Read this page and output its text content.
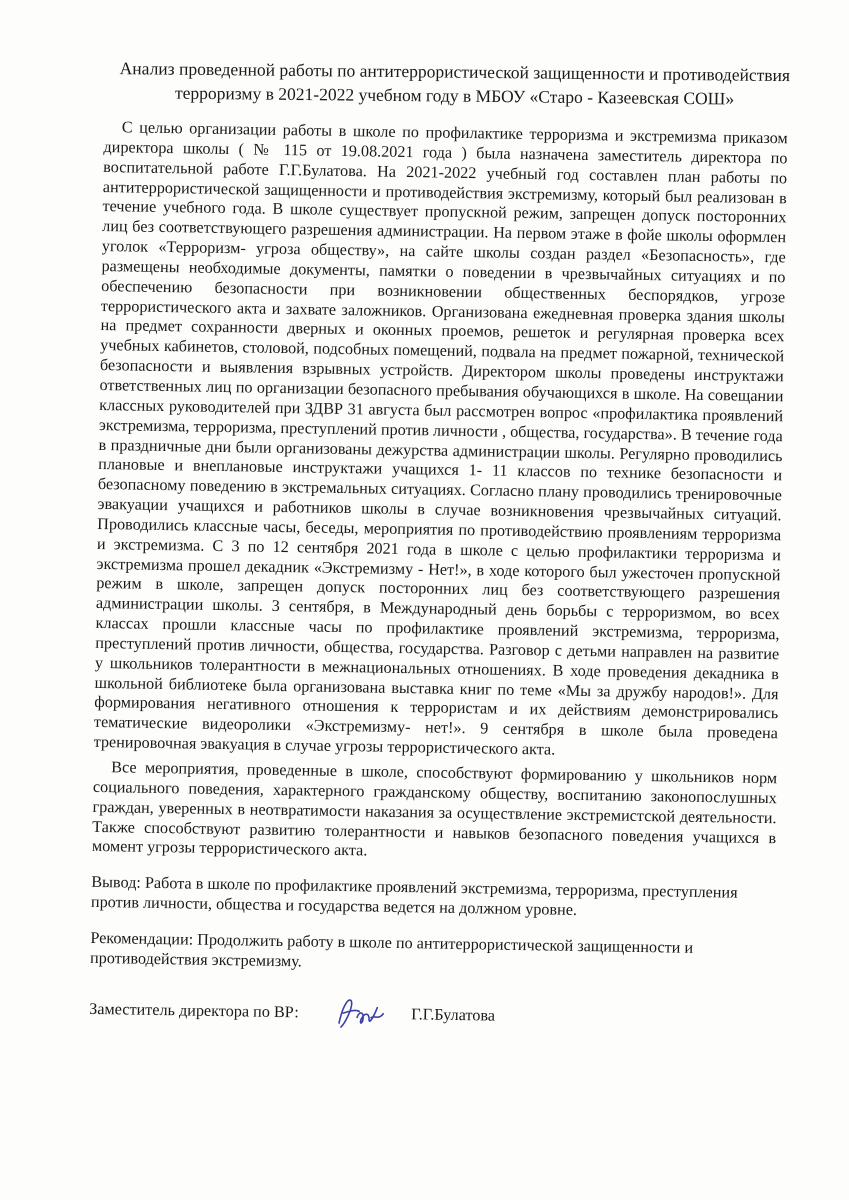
Анализ проведенной работы по антитеррористической защищенности и противодействия терроризму в 2021-2022 учебном году в МБОУ «Старо - Казеевская СОШ»

С целью организации работы в школе по профилактике терроризма и экстремизма приказом директора школы ( № 115 от 19.08.2021 года ) была назначена заместитель директора по воспитательной работе Г.Г.Булатова. На 2021-2022 учебный год составлен план работы по антитеррористической защищенности и противодействия экстремизму, который был реализован в течение учебного года. В школе существует пропускной режим, запрещен допуск посторонних лиц без соответствующего разрешения администрации. На первом этаже в фойе школы оформлен уголок «Терроризм- угроза обществу», на сайте школы создан раздел «Безопасность», где размещены необходимые документы, памятки о поведении в чрезвычайных ситуациях и по обеспечению безопасности при возникновении общественных беспорядков, угрозе террористического акта и захвате заложников. Организована ежедневная проверка здания школы на предмет сохранности дверных и оконных проемов, решеток и регулярная проверка всех учебных кабинетов, столовой, подсобных помещений, подвала на предмет пожарной, технической безопасности и выявления взрывных устройств. Директором школы проведены инструктажи ответственных лиц по организации безопасного пребывания обучающихся в школе. На совещании классных руководителей при ЗДВР 31 августа был рассмотрен вопрос «профилактика проявлений экстремизма, терроризма, преступлений против личности , общества, государства». В течение года в праздничные дни были организованы дежурства администрации школы. Регулярно проводились плановые и внеплановые инструктажи учащихся 1- 11 классов по технике безопасности и безопасному поведению в экстремальных ситуациях. Согласно плану проводились тренировочные эвакуации учащихся и работников школы в случае возникновения чрезвычайных ситуаций. Проводились классные часы, беседы, мероприятия по противодействию проявлениям терроризма и экстремизма. С 3 по 12 сентября 2021 года в школе с целью профилактики терроризма и экстремизма прошел декадник «Экстремизму - Нет!», в ходе которого был ужесточен пропускной режим в школе, запрещен допуск посторонних лиц без соответствующего разрешения администрации школы. 3 сентября, в Международный день борьбы с терроризмом, во всех классах прошли классные часы по профилактике проявлений экстремизма, терроризма, преступлений против личности, общества, государства. Разговор с детьми направлен на развитие у школьников толерантности в межнациональных отношениях. В ходе проведения декадника в школьной библиотеке была организована выставка книг по теме «Мы за дружбу народов!». Для формирования негативного отношения к террористам и их действиям демонстрировались тематические видеоролики «Экстремизму- нет!». 9 сентября в школе была проведена тренировочная эвакуация в случае угрозы террористического акта.

Все мероприятия, проведенные в школе, способствуют формированию у школьников норм социального поведения, характерного гражданскому обществу, воспитанию законопослушных граждан, уверенных в неотвратимости наказания за осуществление экстремистской деятельности. Также способствуют развитию толерантности и навыков безопасного поведения учащихся в момент угрозы террористического акта.

Вывод: Работа в школе по профилактике проявлений экстремизма, терроризма, преступления против личности, общества и государства ведется на должном уровне.

Рекомендации: Продолжить работу в школе по антитеррористической защищенности и противодействия экстремизму.

Заместитель директора по ВР:	Г.Г.Булатова
